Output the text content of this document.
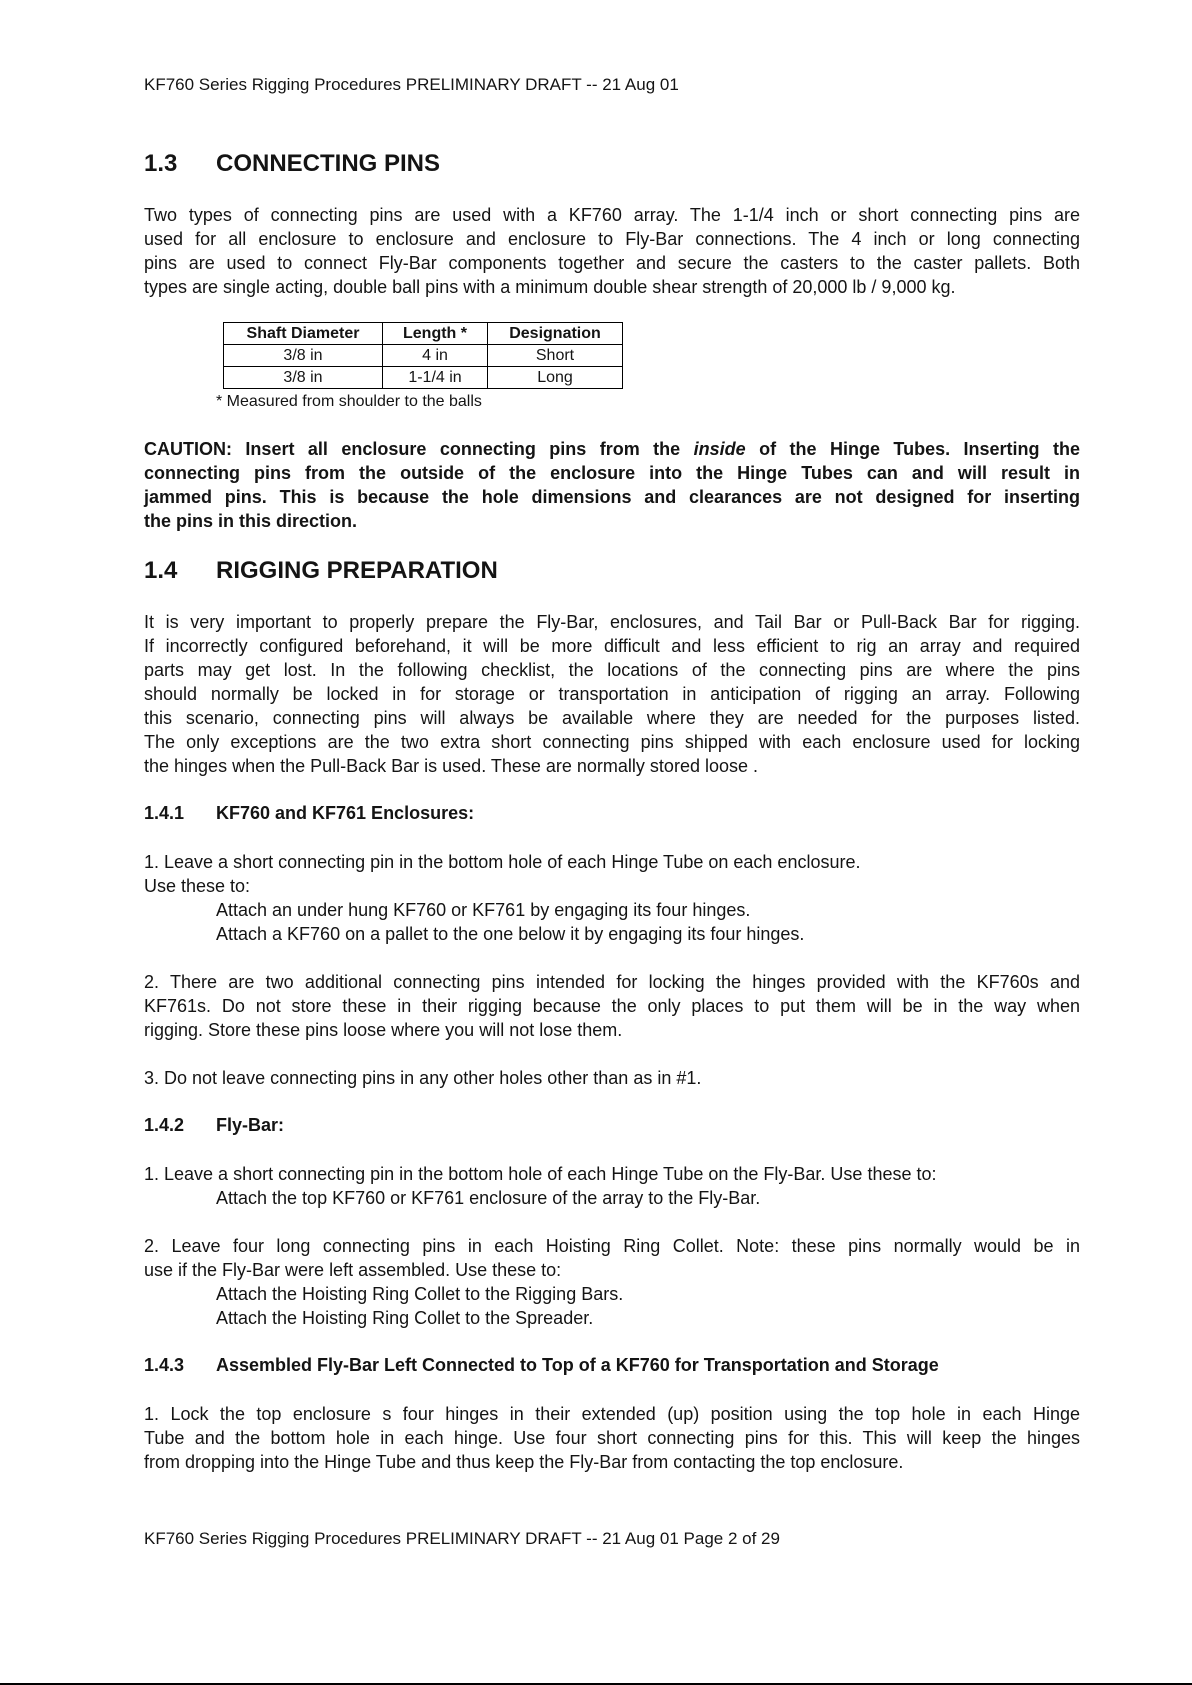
KF760 Series Rigging Procedures PRELIMINARY DRAFT -- 21 Aug 01
1.3 CONNECTING PINS
Two types of connecting pins are used with a KF760 array. The 1-1/4 inch or short connecting pins are
used for all enclosure to enclosure and enclosure to Fly-Bar connections. The 4 inch or long connecting
pins are used to connect Fly-Bar components together and secure the casters to the caster pallets. Both
types are single acting, double ball pins with a minimum double shear strength of 20,000 lb / 9,000 kg.
Shaft Diameter	Length *	Designation
3/8 in	4 in	Short
3/8 in	1-1/4 in	Long
* Measured from shoulder to the balls
CAUTION: Insert all enclosure connecting pins from the inside of the Hinge Tubes. Inserting the
connecting pins from the outside of the enclosure into the Hinge Tubes can and will result in
jammed pins. This is because the hole dimensions and clearances are not designed for inserting
the pins in this direction.
1.4 RIGGING PREPARATION
It is very important to properly prepare the Fly-Bar, enclosures, and Tail Bar or Pull-Back Bar for rigging.
If incorrectly configured beforehand, it will be more difficult and less efficient to rig an array and required
parts may get lost. In the following checklist, the locations of the connecting pins are where the pins
should normally be locked in for storage or transportation in anticipation of rigging an array. Following
this scenario, connecting pins will always be available where they are needed for the purposes listed.
The only exceptions are the two extra short connecting pins shipped with each enclosure used for locking
the hinges when the Pull-Back Bar is used. These are normally stored loose .
1.4.1 KF760 and KF761 Enclosures:
1. Leave a short connecting pin in the bottom hole of each Hinge Tube on each enclosure.
Use these to:
Attach an under hung KF760 or KF761 by engaging its four hinges.
Attach a KF760 on a pallet to the one below it by engaging its four hinges.
2. There are two additional connecting pins intended for locking the hinges provided with the KF760s and
KF761s. Do not store these in their rigging because the only places to put them will be in the way when
rigging. Store these pins loose where you will not lose them.
3. Do not leave connecting pins in any other holes other than as in #1.
1.4.2 Fly-Bar:
1. Leave a short connecting pin in the bottom hole of each Hinge Tube on the Fly-Bar. Use these to:
Attach the top KF760 or KF761 enclosure of the array to the Fly-Bar.
2. Leave four long connecting pins in each Hoisting Ring Collet. Note: these pins normally would be in
use if the Fly-Bar were left assembled. Use these to:
Attach the Hoisting Ring Collet to the Rigging Bars.
Attach the Hoisting Ring Collet to the Spreader.
1.4.3 Assembled Fly-Bar Left Connected to Top of a KF760 for Transportation and Storage
1. Lock the top enclosure s four hinges in their extended (up) position using the top hole in each Hinge
Tube and the bottom hole in each hinge. Use four short connecting pins for this. This will keep the hinges
from dropping into the Hinge Tube and thus keep the Fly-Bar from contacting the top enclosure.
KF760 Series Rigging Procedures PRELIMINARY DRAFT -- 21 Aug 01 Page 2 of 29
